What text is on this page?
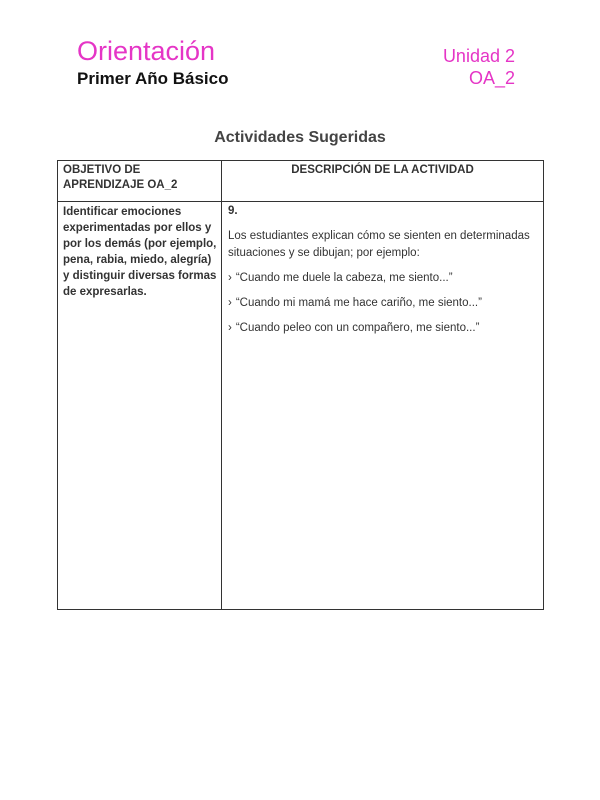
Orientación
Primer Año Básico
Unidad 2
OA_2
Actividades Sugeridas
OBJETIVO DE APRENDIZAJE OA_2	DESCRIPCIÓN DE LA ACTIVIDAD

Identificar emociones experimentadas por ellos y por los demás (por ejemplo, pena, rabia, miedo, alegría) y distinguir diversas formas de expresarlas.	9.
Los estudiantes explican cómo se sienten en determinadas situaciones y se dibujan; por ejemplo:
› “Cuando me duele la cabeza, me siento...”
› “Cuando mi mamá me hace cariño, me siento...”
› “Cuando peleo con un compañero, me siento...”
